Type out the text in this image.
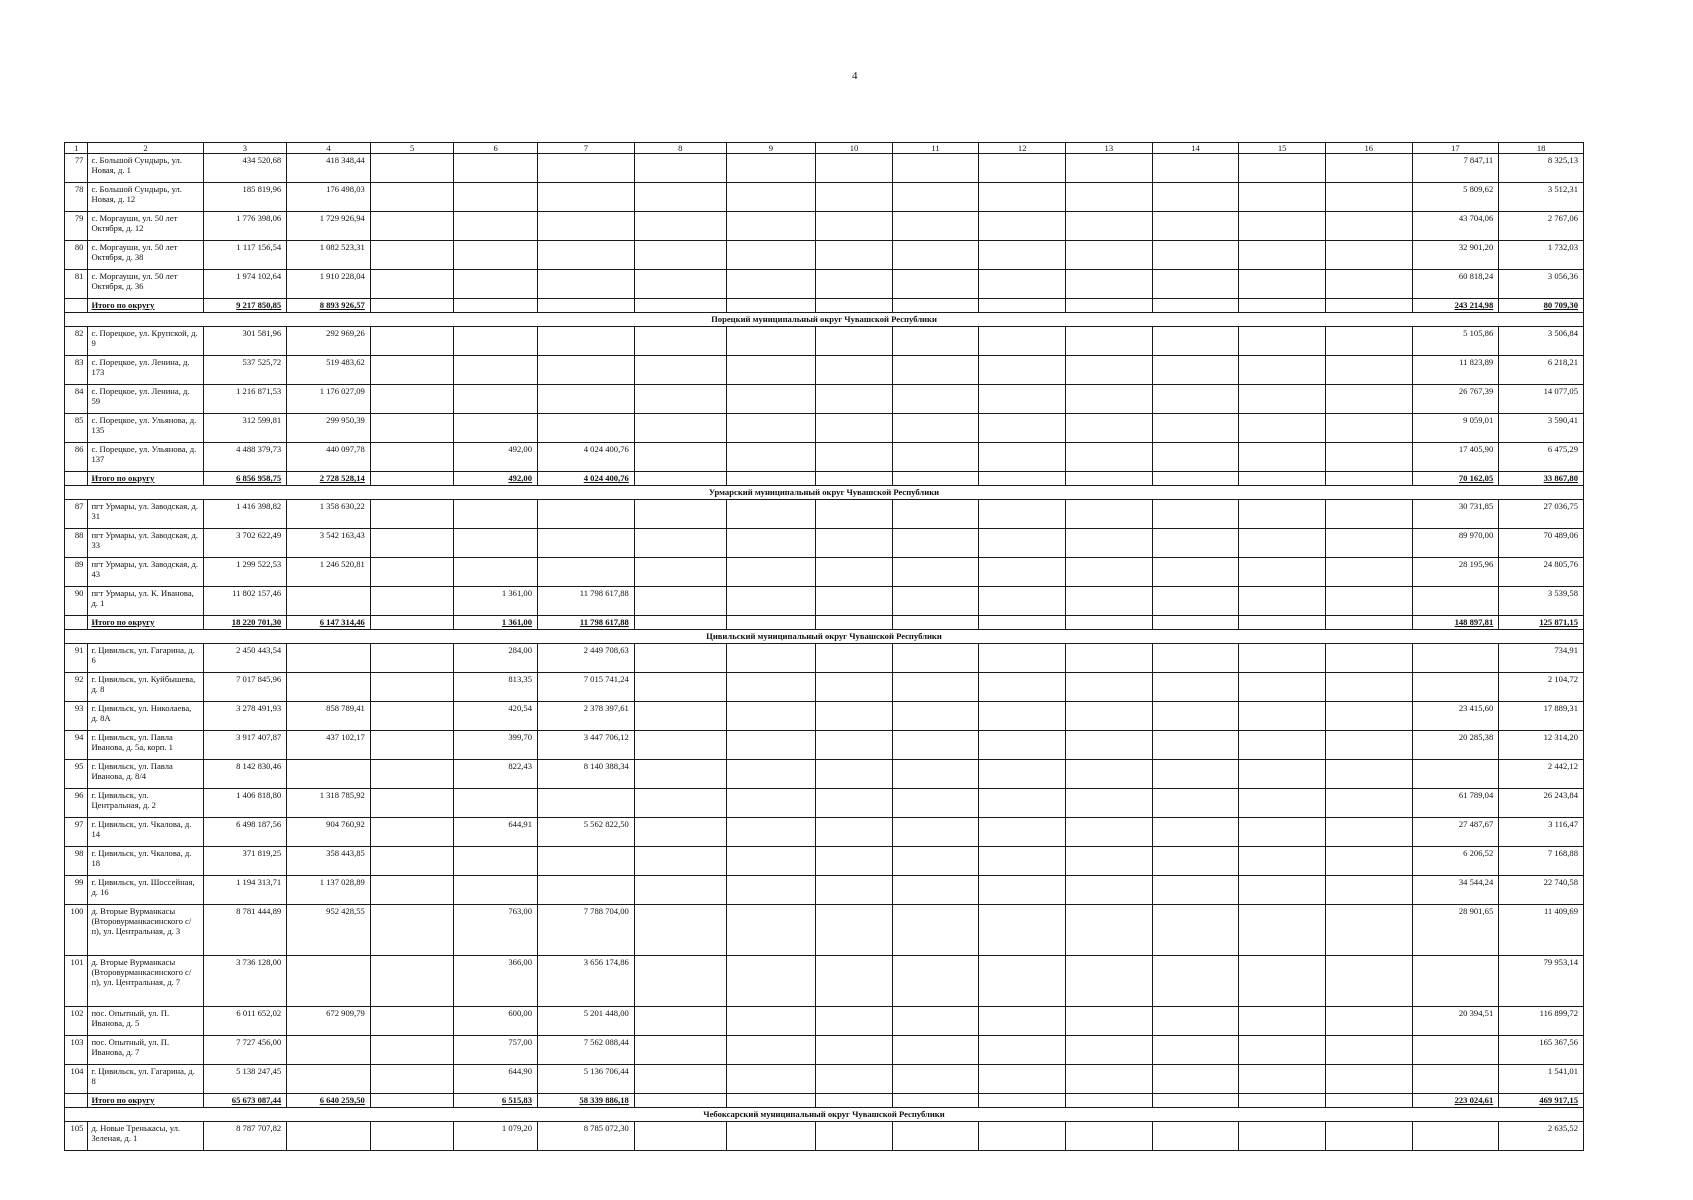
4
1	2	3	4	5	6	7	8	9	10	11	12	13	14	15	16	17	18
77	с. Большой Сундырь, ул. Новая, д. 1	434 520,68	418 348,44													7 847,11	8 325,13
78	с. Большой Сундырь, ул. Новая, д. 12	185 819,96	176 498,03													5 809,62	3 512,31
79	с. Моргауши, ул. 50 лет Октября, д. 12	1 776 398,06	1 729 926,94													43 704,06	2 767,06
80	с. Моргауши, ул. 50 лет Октября, д. 38	1 117 156,54	1 082 523,31													32 901,20	1 732,03
81	с. Моргауши, ул. 50 лет Октября, д. 36	1 974 102,64	1 910 228,04													60 818,24	3 056,36
	Итого по округу	9 217 850,85	8 893 926,57													243 214,98	80 709,30
Порецкий муниципальный округ Чувашской Республики																	
82	с. Порецкое, ул. Крупской, д. 9	301 581,96	292 969,26													5 105,86	3 506,84
83	с. Порецкое, ул. Ленина, д. 173	537 525,72	519 483,62													11 823,89	6 218,21
84	с. Порецкое, ул. Ленина, д. 59	1 216 871,53	1 176 027,09													26 767,39	14 077,05
85	с. Порецкое, ул. Ульянова, д. 135	312 599,81	299 950,39													9 059,01	3 590,41
86	с. Порецкое, ул. Ульянова, д. 137	4 488 379,73	440 097,78		492,00	4 024 400,76										17 405,90	6 475,29
	Итого по округу	6 856 958,75	2 728 528,14		492,00	4 024 400,76										70 162,05	33 867,80
Урмарский муниципальный округ Чувашской Республики																	
87	пгт Урмары, ул. Заводская, д. 31	1 416 398,82	1 358 630,22													30 731,85	27 036,75
88	пгт Урмары, ул. Заводская, д. 33	3 702 622,49	3 542 163,43													89 970,00	70 489,06
89	пгт Урмары, ул. Заводская, д. 43	1 299 522,53	1 246 520,81													28 195,96	24 805,76
90	пгт Урмары, ул. К. Иванова, д. 1	11 802 157,46			1 361,00	11 798 617,88											3 539,58
	Итого по округу	18 220 701,30	6 147 314,46		1 361,00	11 798 617,88										148 897,81	125 871,15
Цивильский муниципальный округ Чувашской Республики																	
91	г. Цивильск, ул. Гагарина, д. 6	2 450 443,54			284,00	2 449 708,63											734,91
92	г. Цивильск, ул. Куйбышева, д. 8	7 017 845,96			813,35	7 015 741,24											2 104,72
93	г. Цивильск, ул. Николаева, д. 8А	3 278 491,93	858 789,41		420,54	2 378 397,61										23 415,60	17 889,31
94	г. Цивильск, ул. Павла Иванова, д. 5а, корп. 1	3 917 407,87	437 102,17		399,70	3 447 706,12										20 285,38	12 314,20
95	г. Цивильск, ул. Павла Иванова, д. 8/4	8 142 830,46			822,43	8 140 388,34											2 442,12
96	г. Цивильск, ул. Центральная, д. 2	1 406 818,80	1 318 785,92													61 789,04	26 243,84
97	г. Цивильск, ул. Чкалова, д. 14	6 498 187,56	904 760,92		644,91	5 562 822,50										27 487,67	3 116,47
98	г. Цивильск, ул. Чкалова, д. 18	371 819,25	358 443,85													6 206,52	7 168,88
99	г. Цивильск, ул. Шоссейная, д. 16	1 194 313,71	1 137 028,89													34 544,24	22 740,58
100	д. Вторые Вурманкасы (Второвурманкасинского с/п), ул. Центральная, д. 3	8 781 444,89	952 428,55		763,00	7 788 704,00										28 901,65	11 409,69
101	д. Вторые Вурманкасы (Второвурманкасинского с/п), ул. Центральная, д. 7	3 736 128,00			366,00	3 656 174,86											79 953,14
102	пос. Опытный, ул. П. Иванова, д. 5	6 011 652,02	672 909,79		600,00	5 201 448,00										20 394,51	116 899,72
103	пос. Опытный, ул. П. Иванова, д. 7	7 727 456,00			757,00	7 562 088,44											165 367,56
104	г. Цивильск, ул. Гагарина, д. 8	5 138 247,45			644,90	5 136 706,44											1 541,01
	Итого по округу	65 673 087,44	6 640 259,50		6 515,83	58 339 886,18										223 024,61	469 917,15
Чебоксарский муниципальный округ Чувашской Республики																	
105	д. Новые Тренькасы, ул. Зеленая, д. 1	8 787 707,82			1 079,20	8 785 072,30											2 635,52
